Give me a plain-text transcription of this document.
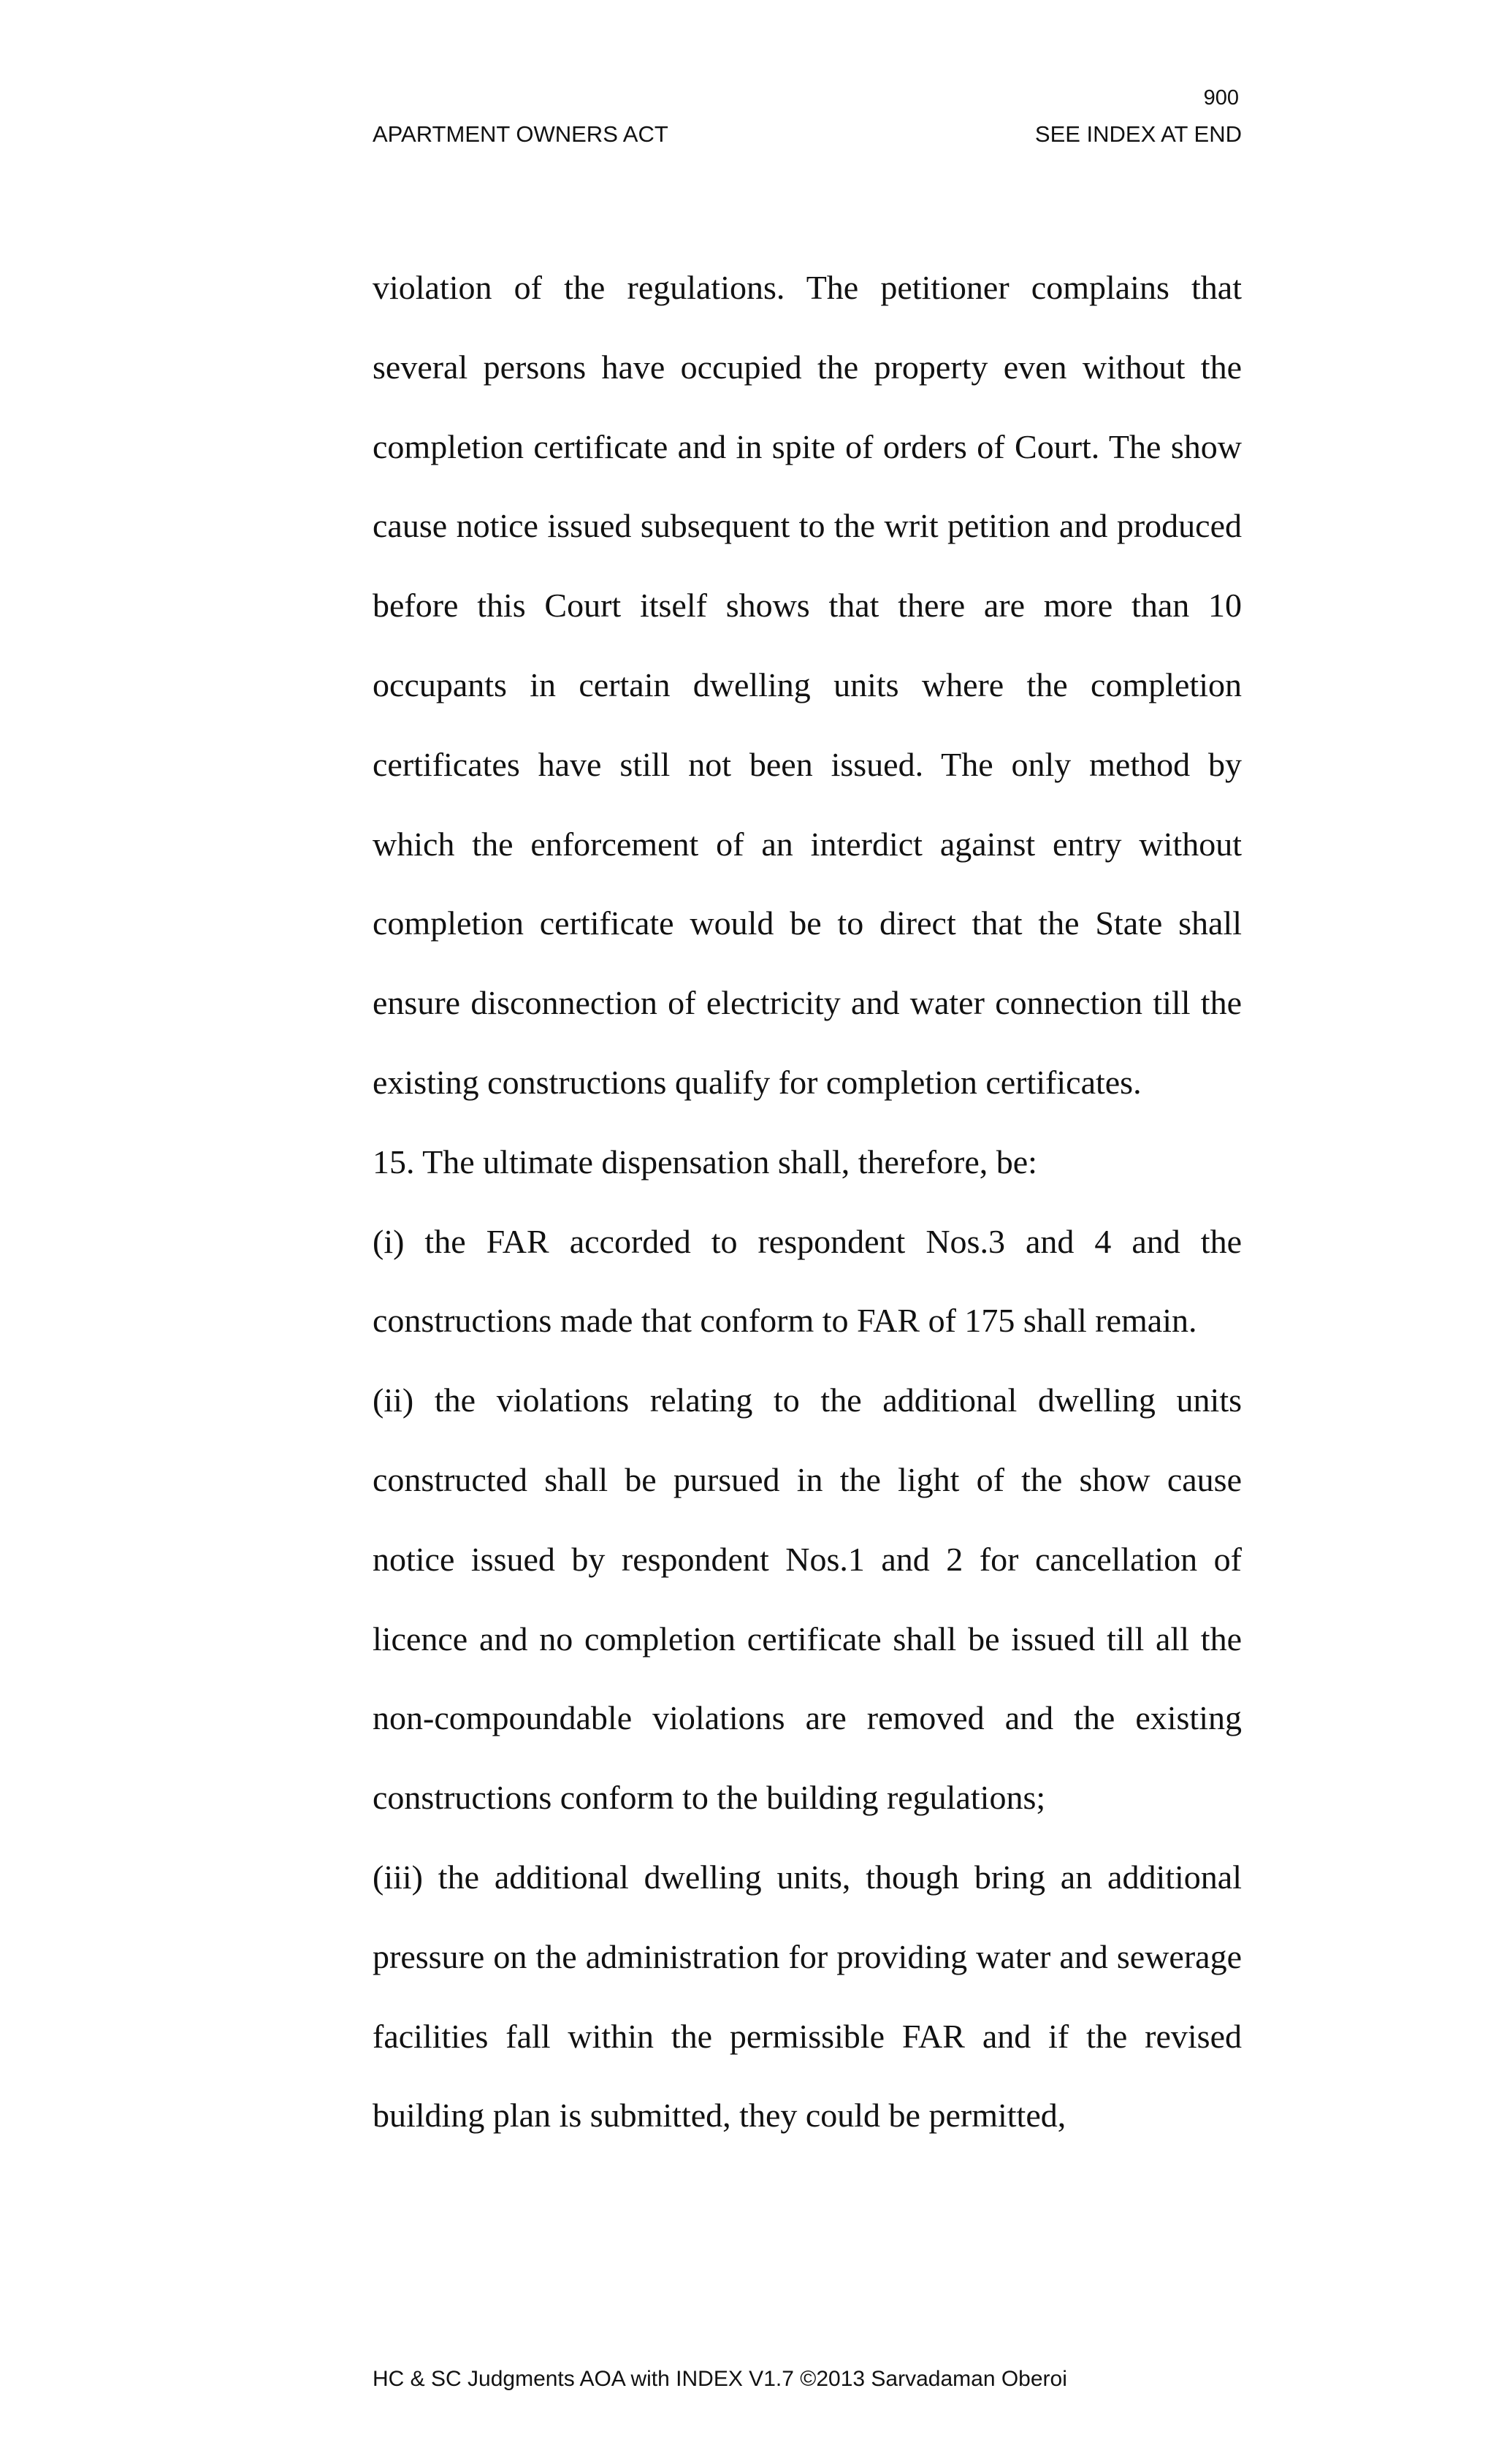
900
APARTMENT OWNERS ACT	SEE INDEX AT END

violation of the regulations. The petitioner complains that several persons have occupied the property even without the completion certificate and in spite of orders of Court. The show cause notice issued subsequent to the writ petition and produced before this Court itself shows that there are more than 10 occupants in certain dwelling units where the completion certificates have still not been issued. The only method by which the enforcement of an interdict against entry without completion certificate would be to direct that the State shall ensure disconnection of electricity and water connection till the existing constructions qualify for completion certificates.

15. The ultimate dispensation shall, therefore, be:

(i) the FAR accorded to respondent Nos.3 and 4 and the constructions made that conform to FAR of 175 shall remain.

(ii) the violations relating to the additional dwelling units constructed shall be pursued in the light of the show cause notice issued by respondent Nos.1 and 2 for cancellation of licence and no completion certificate shall be issued till all the non-compoundable violations are removed and the existing constructions conform to the building regulations;

(iii) the additional dwelling units, though bring an additional pressure on the administration for providing water and sewerage facilities fall within the permissible FAR and if the revised building plan is submitted, they could be permitted,

HC & SC Judgments AOA with INDEX V1.7 ©2013 Sarvadaman Oberoi
